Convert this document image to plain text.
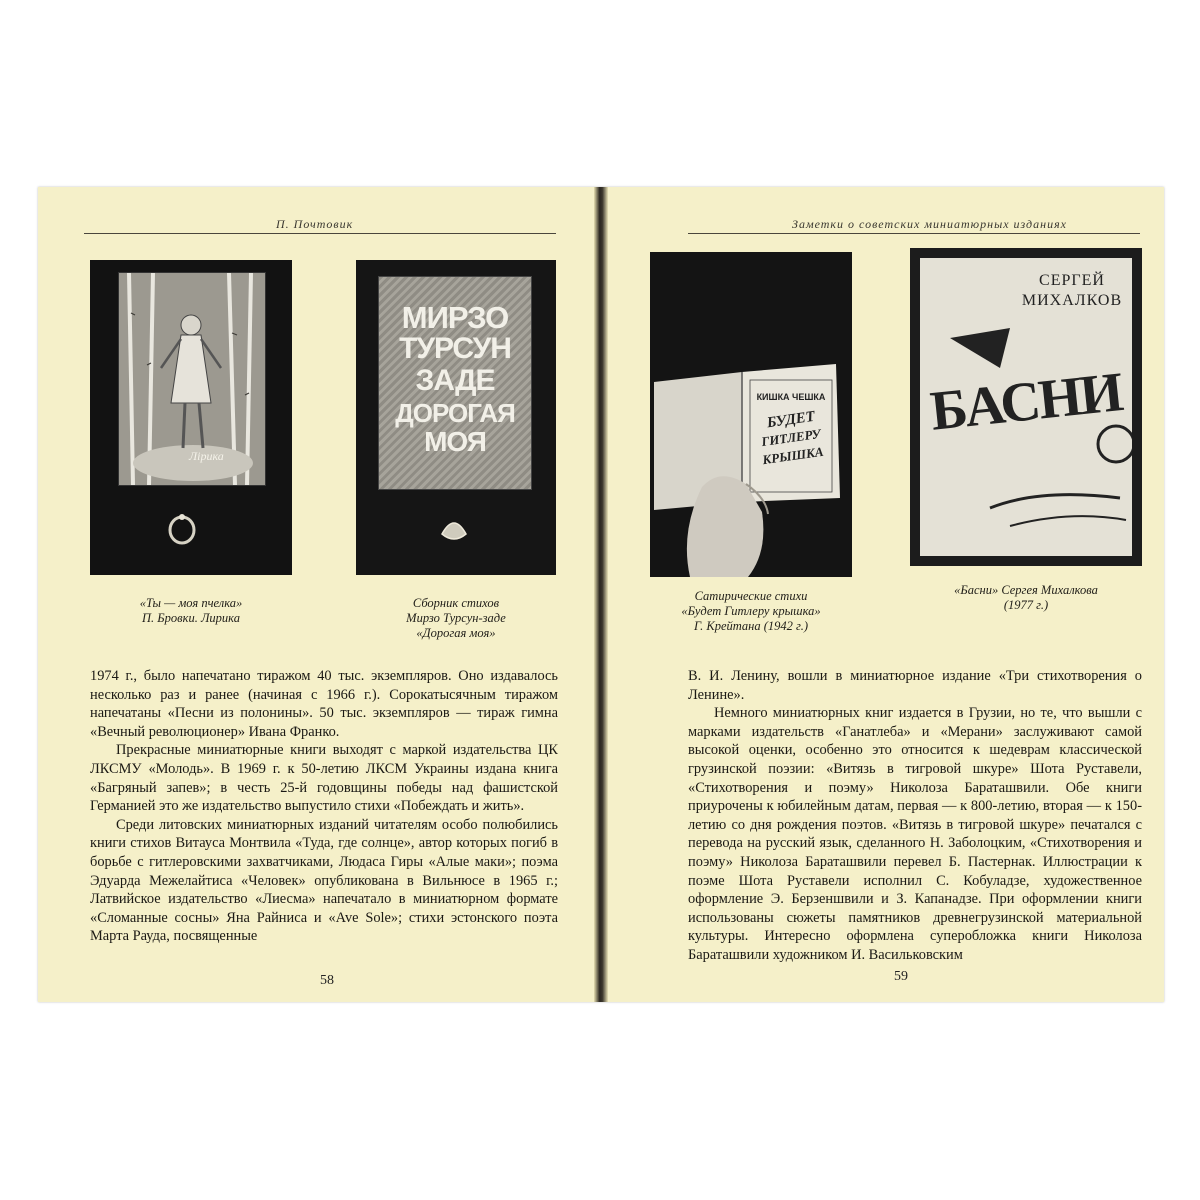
П. Почтовик
Лірика
МИРЗО
ТУРСУН
ЗАДЕ
ДОРОГАЯ
МОЯ
«Ты — моя пчелка»
П. Бровки. Лирика
Сборник стихов
Мирзо Турсун-заде
«Дорогая моя»

1974 г., было напечатано тиражом 40 тыс. экземпляров. Оно издавалось несколько раз и ранее (начиная с 1966 г.). Сорокатысячным тиражом напечатаны «Песни из полонины». 50 тыс. экземпляров — тираж гимна «Вечный революционер» Ивана Франко.

Прекрасные миниатюрные книги выходят с маркой издательства ЦК ЛКСМУ «Молодь». В 1969 г. к 50-летию ЛКСМ Украины издана книга «Багряный запев»; в честь 25-й годовщины победы над фашистской Германией это же издательство выпустило стихи «Побеждать и жить».

Среди литовских миниатюрных изданий читателям особо полюбились книги стихов Витауса Монтвила «Туда, где солнце», автор которых погиб в борьбе с гитлеровскими захватчиками, Людаса Гиры «Алые маки»; поэма Эдуарда Межелайтиса «Человек» опубликована в Вильнюсе в 1965 г.; Латвийское издательство «Лиесма» напечатало в миниатюрном формате «Сломанные сосны» Яна Райниса и «Ave Sole»; стихи эстонского поэта Марта Рауда, посвященные

58
Заметки о советских миниатюрных изданиях
КИШКА ЧЕШКА
БУДЕТ
ГИТЛЕРУ
КРЫШКА
СЕРГЕЙ
МИХАЛКОВ
БАСНИ
Сатирические стихи
«Будет Гитлеру крышка»
Г. Крейтана (1942 г.)
«Басни» Сергея Михалкова
(1977 г.)

В. И. Ленину, вошли в миниатюрное издание «Три стихотворения о Ленине».

Немного миниатюрных книг издается в Грузии, но те, что вышли с марками издательств «Ганатлеба» и «Мерани» заслуживают самой высокой оценки, особенно это относится к шедеврам классической грузинской поэзии: «Витязь в тигровой шкуре» Шота Руставели, «Стихотворения и поэму» Николоза Бараташвили. Обе книги приурочены к юбилейным датам, первая — к 800-летию, вторая — к 150-летию со дня рождения поэтов. «Витязь в тигровой шкуре» печатался с перевода на русский язык, сделанного Н. Заболоцким, «Стихотворения и поэму» Николоза Бараташвили перевел Б. Пастернак. Иллюстрации к поэме Шота Руставели исполнил С. Кобуладзе, художественное оформление Э. Берзеншвили и З. Капанадзе. При оформлении книги использованы сюжеты памятников древнегрузинской материальной культуры. Интересно оформлена суперобложка книги Николоза Бараташвили художником И. Васильковским

59
